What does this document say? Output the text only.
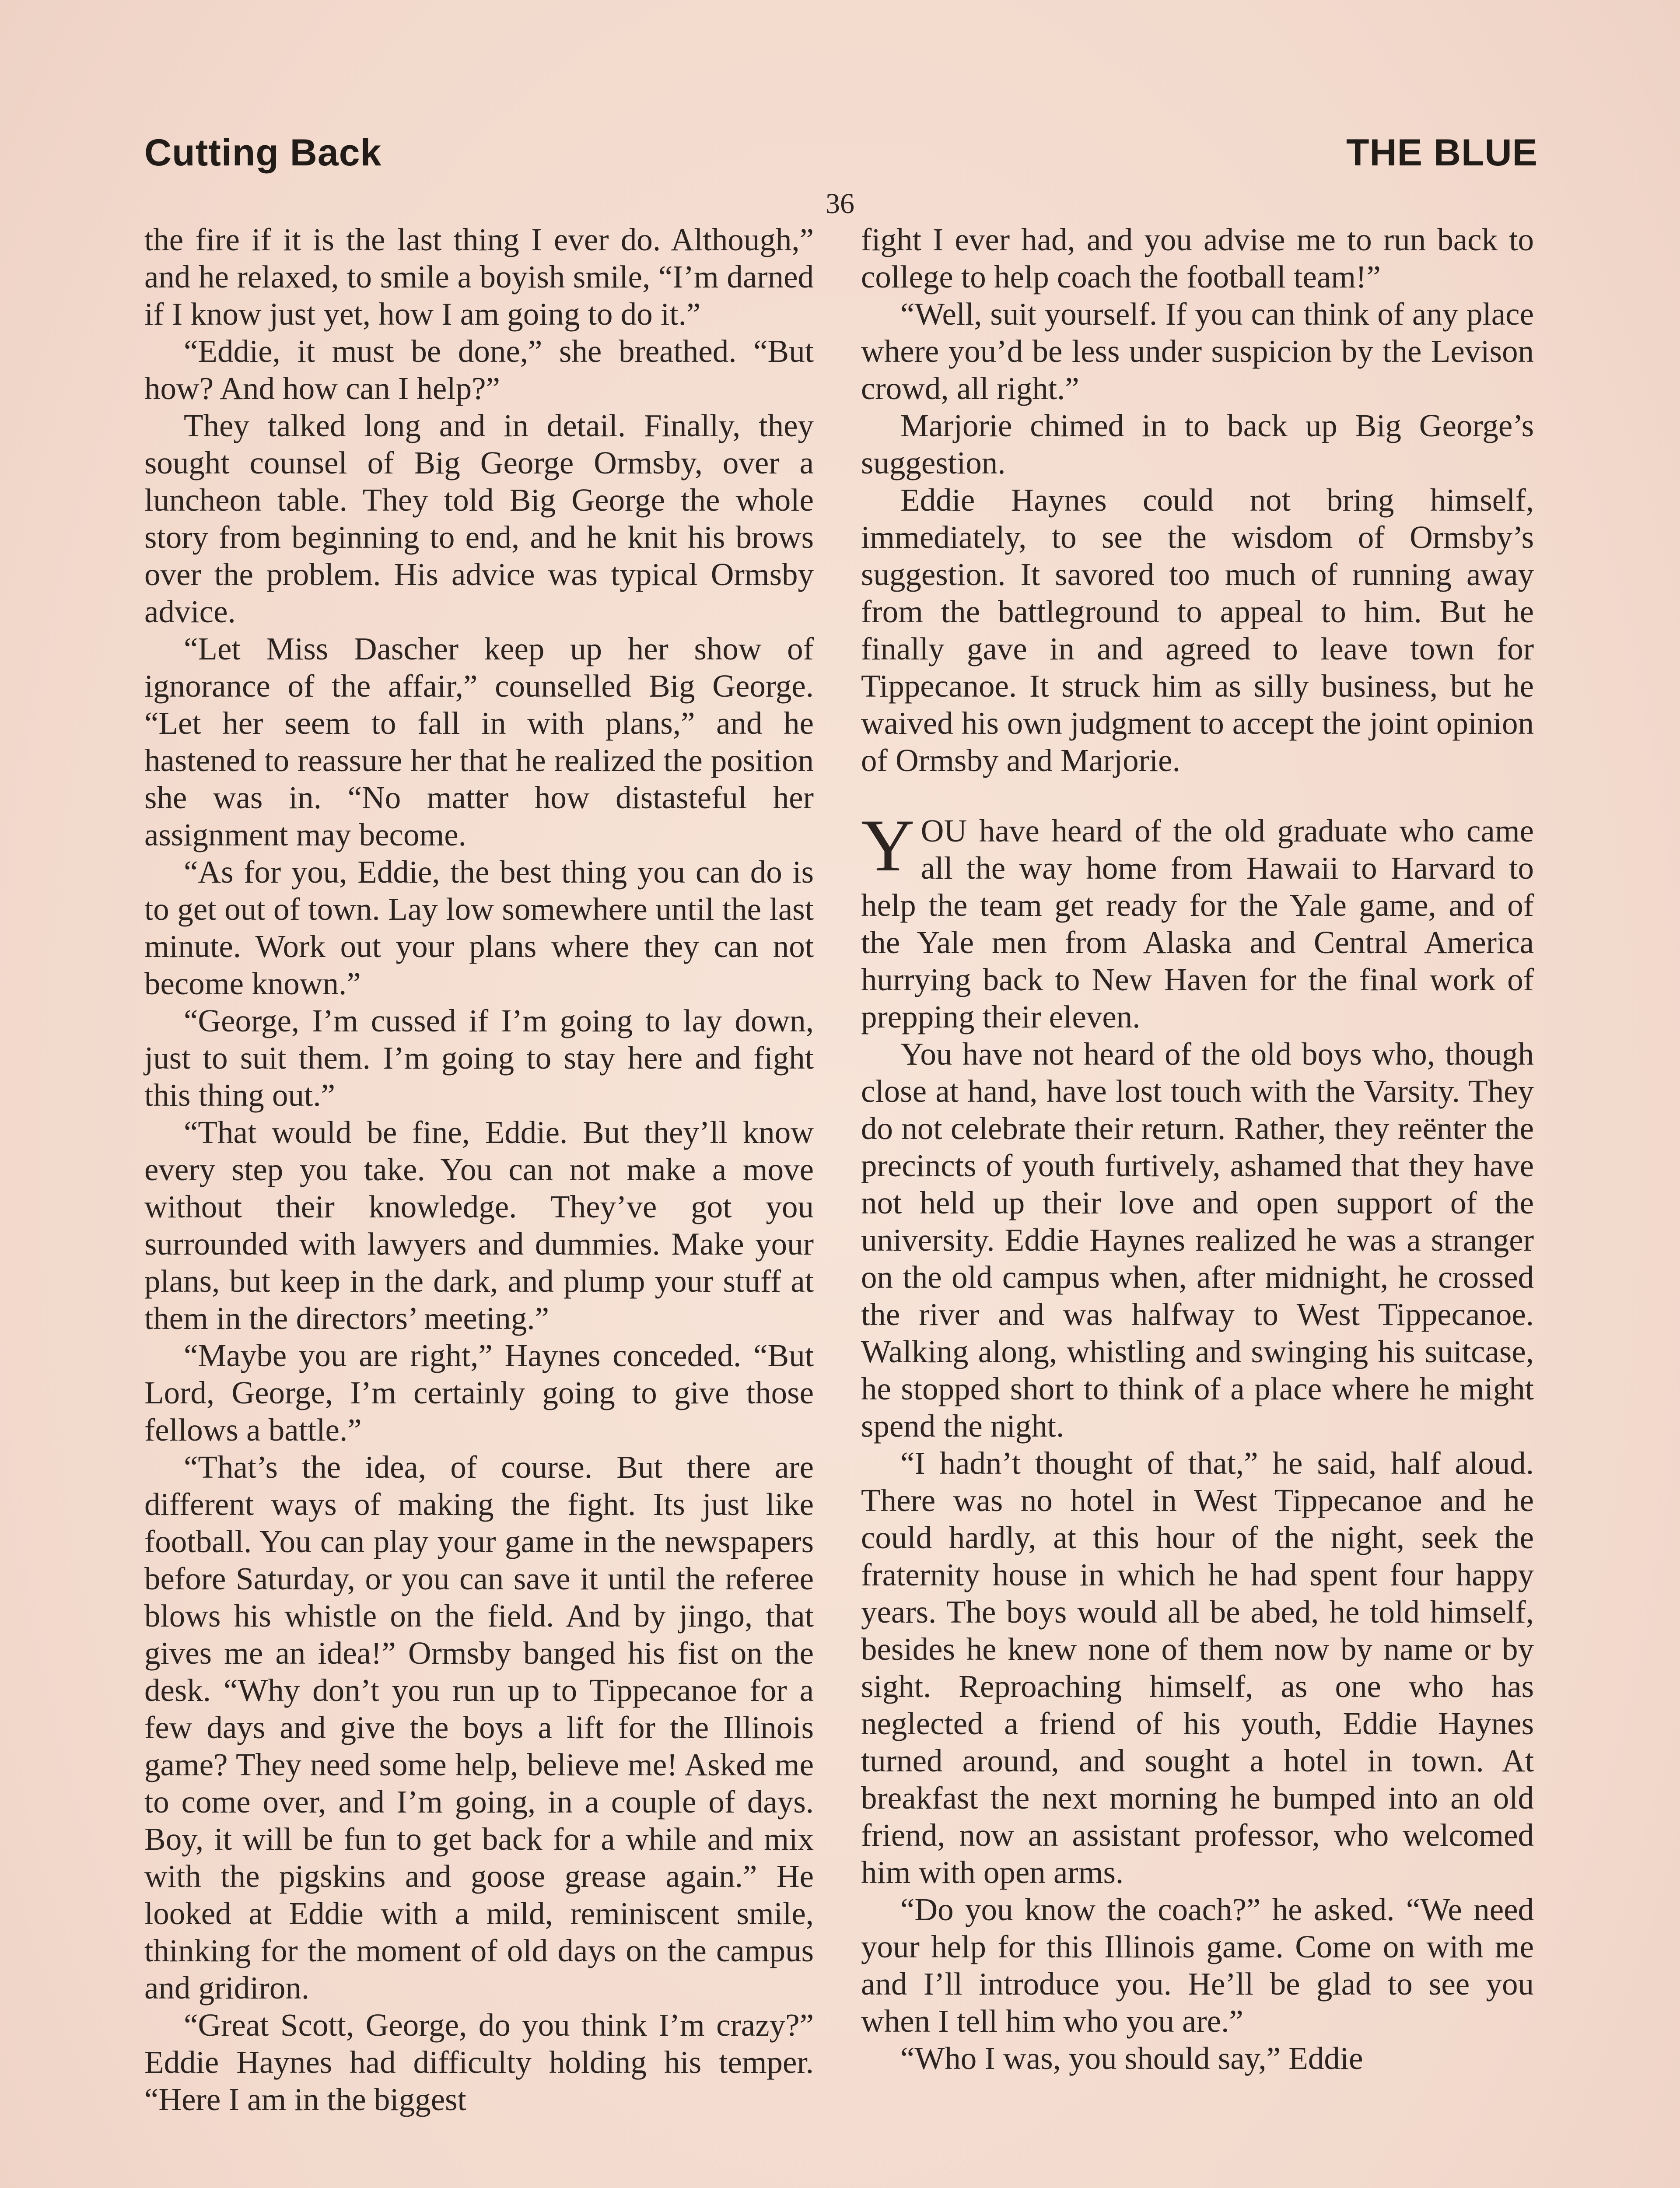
Cutting Back	THE BLUE
36

the fire if it is the last thing I ever do. Although,” and he relaxed, to smile a boyish smile, “I’m darned if I know just yet, how I am going to do it.”

“Eddie, it must be done,” she breathed. “But how? And how can I help?”

They talked long and in detail. Finally, they sought counsel of Big George Ormsby, over a luncheon table. They told Big George the whole story from beginning to end, and he knit his brows over the problem. His advice was typical Ormsby advice.

“Let Miss Dascher keep up her show of ignorance of the affair,” counselled Big George. “Let her seem to fall in with plans,” and he hastened to reassure her that he realized the position she was in. “No matter how distasteful her assignment may become.

“As for you, Eddie, the best thing you can do is to get out of town. Lay low somewhere until the last minute. Work out your plans where they can not become known.”

“George, I’m cussed if I’m going to lay down, just to suit them. I’m going to stay here and fight this thing out.”

“That would be fine, Eddie. But they’ll know every step you take. You can not make a move without their knowledge. They’ve got you surrounded with lawyers and dummies. Make your plans, but keep in the dark, and plump your stuff at them in the directors’ meeting.”

“Maybe you are right,” Haynes conceded. “But Lord, George, I’m certainly going to give those fellows a battle.”

“That’s the idea, of course. But there are different ways of making the fight. Its just like football. You can play your game in the newspapers before Saturday, or you can save it until the referee blows his whistle on the field. And by jingo, that gives me an idea!” Ormsby banged his fist on the desk. “Why don’t you run up to Tippecanoe for a few days and give the boys a lift for the Illinois game? They need some help, believe me! Asked me to come over, and I’m going, in a couple of days. Boy, it will be fun to get back for a while and mix with the pigskins and goose grease again.” He looked at Eddie with a mild, reminiscent smile, thinking for the moment of old days on the campus and gridiron.

“Great Scott, George, do you think I’m crazy?” Eddie Haynes had difficulty holding his temper. “Here I am in the biggest

fight I ever had, and you advise me to run back to college to help coach the football team!”

“Well, suit yourself. If you can think of any place where you’d be less under suspicion by the Levison crowd, all right.”

Marjorie chimed in to back up Big George’s suggestion.

Eddie Haynes could not bring himself, immediately, to see the wisdom of Ormsby’s suggestion. It savored too much of running away from the battleground to appeal to him. But he finally gave in and agreed to leave town for Tippecanoe. It struck him as silly business, but he waived his own judgment to accept the joint opinion of Ormsby and Marjorie.

YOU have heard of the old graduate who came all the way home from Hawaii to Harvard to help the team get ready for the Yale game, and of the Yale men from Alaska and Central America hurrying back to New Haven for the final work of prepping their eleven.

You have not heard of the old boys who, though close at hand, have lost touch with the Varsity. They do not celebrate their return. Rather, they reënter the precincts of youth furtively, ashamed that they have not held up their love and open support of the university. Eddie Haynes realized he was a stranger on the old campus when, after midnight, he crossed the river and was halfway to West Tippecanoe. Walking along, whistling and swinging his suitcase, he stopped short to think of a place where he might spend the night.

“I hadn’t thought of that,” he said, half aloud. There was no hotel in West Tippecanoe and he could hardly, at this hour of the night, seek the fraternity house in which he had spent four happy years. The boys would all be abed, he told himself, besides he knew none of them now by name or by sight. Reproaching himself, as one who has neglected a friend of his youth, Eddie Haynes turned around, and sought a hotel in town. At breakfast the next morning he bumped into an old friend, now an assistant professor, who welcomed him with open arms.

“Do you know the coach?” he asked. “We need your help for this Illinois game. Come on with me and I’ll introduce you. He’ll be glad to see you when I tell him who you are.”

“Who I was, you should say,” Eddie
